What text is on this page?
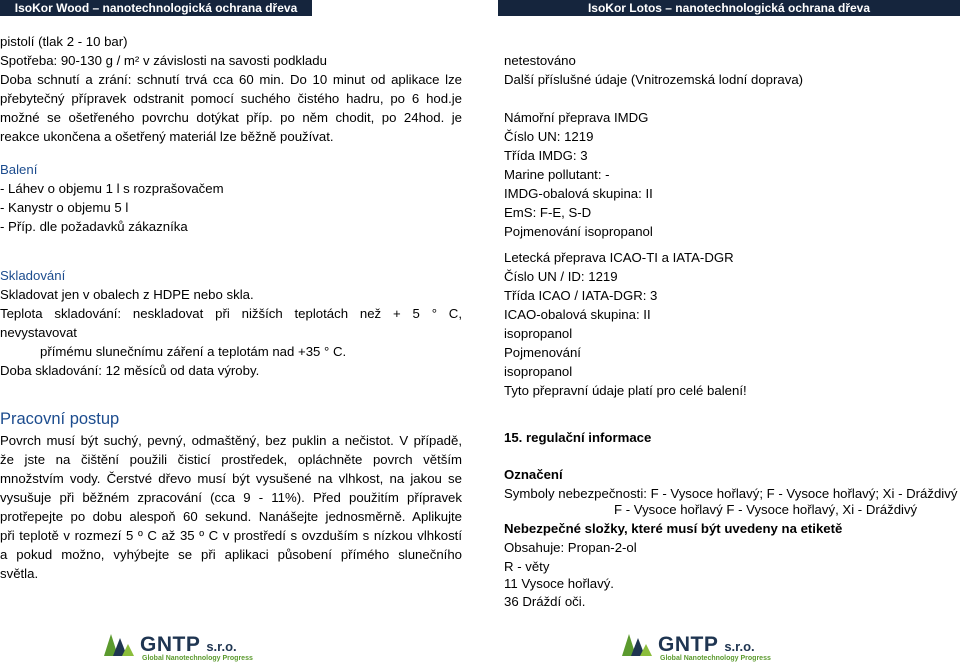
IsoKor Wood – nanotechnologická ochrana dřeva	IsoKor Lotos – nanotechnologická ochrana dřeva
pistolí (tlak 2 - 10 bar)
Spotřeba: 90-130 g / m² v závislosti na savosti podkladu
Doba schnutí a zrání: schnutí trvá cca 60 min. Do 10 minut od aplikace lze
přebytečný přípravek odstranit pomocí suchého čistého hadru, po 6 hod.je
možné se ošetřeného povrchu dotýkat příp. po něm chodit, po 24hod. je
reakce ukončena a ošetřený materiál lze běžně používat.
Balení
- Láhev o objemu 1 l s rozprašovačem
- Kanystr o objemu 5 l
- Příp. dle požadavků zákazníka
Skladování
Skladovat jen v obalech z HDPE nebo skla.
Teplota skladování: neskladovat při nižších teplotách než + 5 ° C,
nevystavovat
přímému slunečnímu záření a teplotám nad +35 ° C.
Doba skladování: 12 měsíců od data výroby.
Pracovní postup
Povrch musí být suchý, pevný, odmaštěný, bez puklin a nečistot. V případě,
že jste na čištění použili čisticí prostředek, opláchněte povrch větším
množstvím vody. Čerstvé dřevo musí být vysušené na vlhkost, na jakou se
vysušuje při běžném zpracování (cca 9 - 11%). Před použitím přípravek
protřepejte po dobu alespoň 60 sekund. Nanášejte jednosměrně. Aplikujte
při teplotě v rozmezí 5 º C až 35 º C v prostředí s ovzduším s nízkou vlhkostí
a pokud možno, vyhýbejte se při aplikaci působení přímého slunečního
světla.
netestováno
Další příslušné údaje (Vnitrozemská lodní doprava)
Námořní přeprava IMDG
Číslo UN: 1219
Třída IMDG: 3
Marine pollutant: -
IMDG-obalová skupina: II
EmS: F-E, S-D
Pojmenování isopropanol
Letecká přeprava ICAO-TI a IATA-DGR
Číslo UN / ID: 1219
Třída ICAO / IATA-DGR: 3
ICAO-obalová skupina: II
isopropanol
Pojmenování
isopropanol
Tyto přepravní údaje platí pro celé balení!
15. regulační informace
Označení
Symboly nebezpečnosti: F - Vysoce hořlavý; F - Vysoce hořlavý; Xi - Dráždivý
F - Vysoce hořlavý F - Vysoce hořlavý, Xi - Dráždivý
Nebezpečné složky, které musí být uvedeny na etiketě
Obsahuje: Propan-2-ol
R - věty
11 Vysoce hořlavý.
36 Dráždí oči.
GNTP s.r.o.
Global Nanotechnology Progress
GNTP s.r.o.
Global Nanotechnology Progress
